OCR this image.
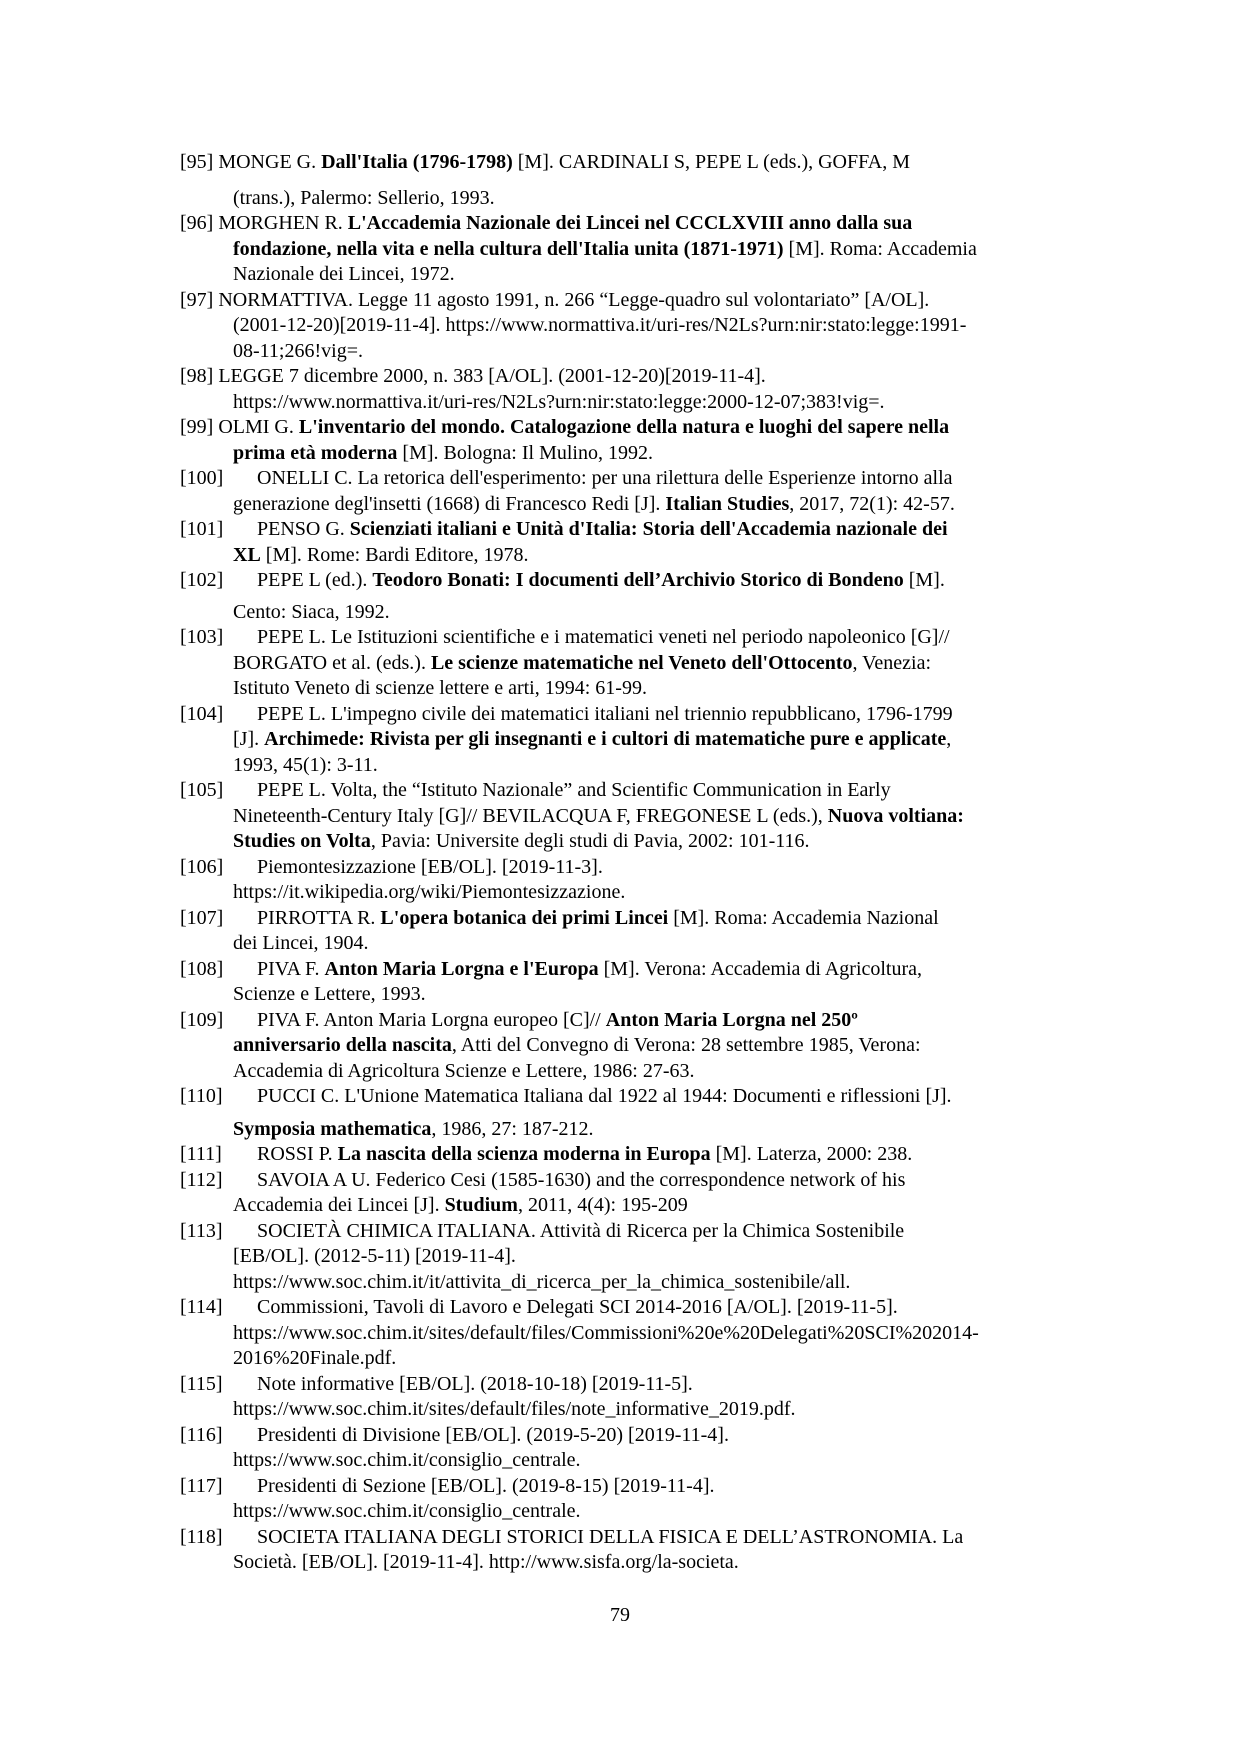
[95] MONGE G. Dall'Italia (1796-1798) [M]. CARDINALI S, PEPE L (eds.), GOFFA, M
(trans.), Palermo: Sellerio, 1993.
[96] MORGHEN R. L'Accademia Nazionale dei Lincei nel CCCLXVIII anno dalla sua
fondazione, nella vita e nella cultura dell'Italia unita (1871-1971) [M]. Roma: Accademia
Nazionale dei Lincei, 1972.
[97] NORMATTIVA. Legge 11 agosto 1991, n. 266 “Legge-quadro sul volontariato” [A/OL].
(2001-12-20)[2019-11-4]. https://www.normattiva.it/uri-res/N2Ls?urn:nir:stato:legge:1991-
08-11;266!vig=.
[98] LEGGE 7 dicembre 2000, n. 383 [A/OL]. (2001-12-20)[2019-11-4].
https://www.normattiva.it/uri-res/N2Ls?urn:nir:stato:legge:2000-12-07;383!vig=.
[99] OLMI G. L'inventario del mondo. Catalogazione della natura e luoghi del sapere nella
prima età moderna [M]. Bologna: Il Mulino, 1992.
[100] ONELLI C. La retorica dell'esperimento: per una rilettura delle Esperienze intorno alla
generazione degl'insetti (1668) di Francesco Redi [J]. Italian Studies, 2017, 72(1): 42-57.
[101] PENSO G. Scienziati italiani e Unità d'Italia: Storia dell'Accademia nazionale dei
XL [M]. Rome: Bardi Editore, 1978.
[102] PEPE L (ed.). Teodoro Bonati: I documenti dell’Archivio Storico di Bondeno [M].
Cento: Siaca, 1992.
[103] PEPE L. Le Istituzioni scientifiche e i matematici veneti nel periodo napoleonico [G]//
BORGATO et al. (eds.). Le scienze matematiche nel Veneto dell'Ottocento, Venezia:
Istituto Veneto di scienze lettere e arti, 1994: 61-99.
[104] PEPE L. L'impegno civile dei matematici italiani nel triennio repubblicano, 1796-1799
[J]. Archimede: Rivista per gli insegnanti e i cultori di matematiche pure e applicate,
1993, 45(1): 3-11.
[105] PEPE L. Volta, the “Istituto Nazionale” and Scientific Communication in Early
Nineteenth-Century Italy [G]// BEVILACQUA F, FREGONESE L (eds.), Nuova voltiana:
Studies on Volta, Pavia: Universite degli studi di Pavia, 2002: 101-116.
[106] Piemontesizzazione [EB/OL]. [2019-11-3].
https://it.wikipedia.org/wiki/Piemontesizzazione.
[107] PIRROTTA R. L'opera botanica dei primi Lincei [M]. Roma: Accademia Nazional
dei Lincei, 1904.
[108] PIVA F. Anton Maria Lorgna e l'Europa [M]. Verona: Accademia di Agricoltura,
Scienze e Lettere, 1993.
[109] PIVA F. Anton Maria Lorgna europeo [C]// Anton Maria Lorgna nel 250º
anniversario della nascita, Atti del Convegno di Verona: 28 settembre 1985, Verona:
Accademia di Agricoltura Scienze e Lettere, 1986: 27-63.
[110] PUCCI C. L'Unione Matematica Italiana dal 1922 al 1944: Documenti e riflessioni [J].
Symposia mathematica, 1986, 27: 187-212.
[111] ROSSI P. La nascita della scienza moderna in Europa [M]. Laterza, 2000: 238.
[112] SAVOIA A U. Federico Cesi (1585-1630) and the correspondence network of his
Accademia dei Lincei [J]. Studium, 2011, 4(4): 195-209
[113] SOCIETÀ CHIMICA ITALIANA. Attività di Ricerca per la Chimica Sostenibile
[EB/OL]. (2012-5-11) [2019-11-4].
https://www.soc.chim.it/it/attivita_di_ricerca_per_la_chimica_sostenibile/all.
[114] Commissioni, Tavoli di Lavoro e Delegati SCI 2014-2016 [A/OL]. [2019-11-5].
https://www.soc.chim.it/sites/default/files/Commissioni%20e%20Delegati%20SCI%202014-
2016%20Finale.pdf.
[115] Note informative [EB/OL]. (2018-10-18) [2019-11-5].
https://www.soc.chim.it/sites/default/files/note_informative_2019.pdf.
[116] Presidenti di Divisione [EB/OL]. (2019-5-20) [2019-11-4].
https://www.soc.chim.it/consiglio_centrale.
[117] Presidenti di Sezione [EB/OL]. (2019-8-15) [2019-11-4].
https://www.soc.chim.it/consiglio_centrale.
[118] SOCIETA ITALIANA DEGLI STORICI DELLA FISICA E DELL’ASTRONOMIA. La
Società. [EB/OL]. [2019-11-4]. http://www.sisfa.org/la-societa.
79
